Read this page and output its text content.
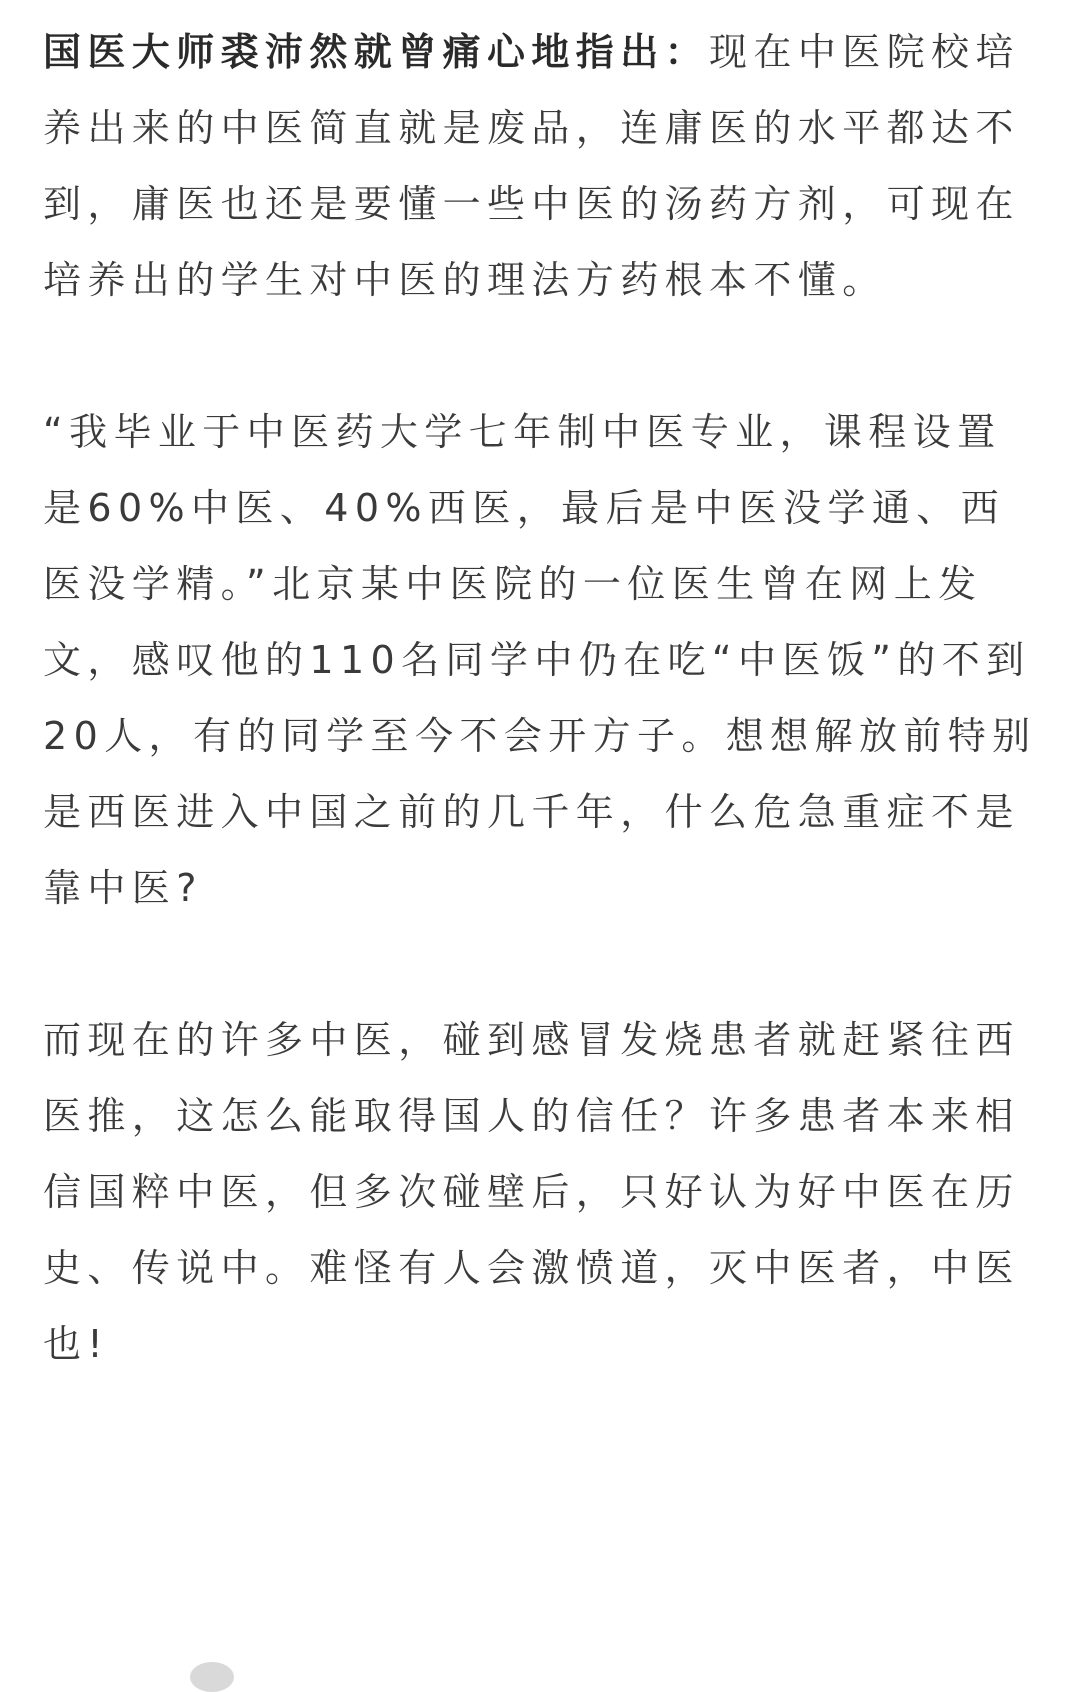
国医大师裘沛然就曾痛心地指出：现在中医院校培养出来的中医简直就是废品，连庸医的水平都达不到，庸医也还是要懂一些中医的汤药方剂，可现在培养出的学生对中医的理法方药根本不懂。

“我毕业于中医药大学七年制中医专业，课程设置是60%中医、40%西医，最后是中医没学通、西医没学精。”北京某中医院的一位医生曾在网上发文，感叹他的110名同学中仍在吃“中医饭”的不到20人，有的同学至今不会开方子。想想解放前特别是西医进入中国之前的几千年，什么危急重症不是靠中医?

而现在的许多中医，碰到感冒发烧患者就赶紧往西医推，这怎么能取得国人的信任？许多患者本来相信国粹中医，但多次碰壁后，只好认为好中医在历史、传说中。难怪有人会激愤道，灭中医者，中医也!
